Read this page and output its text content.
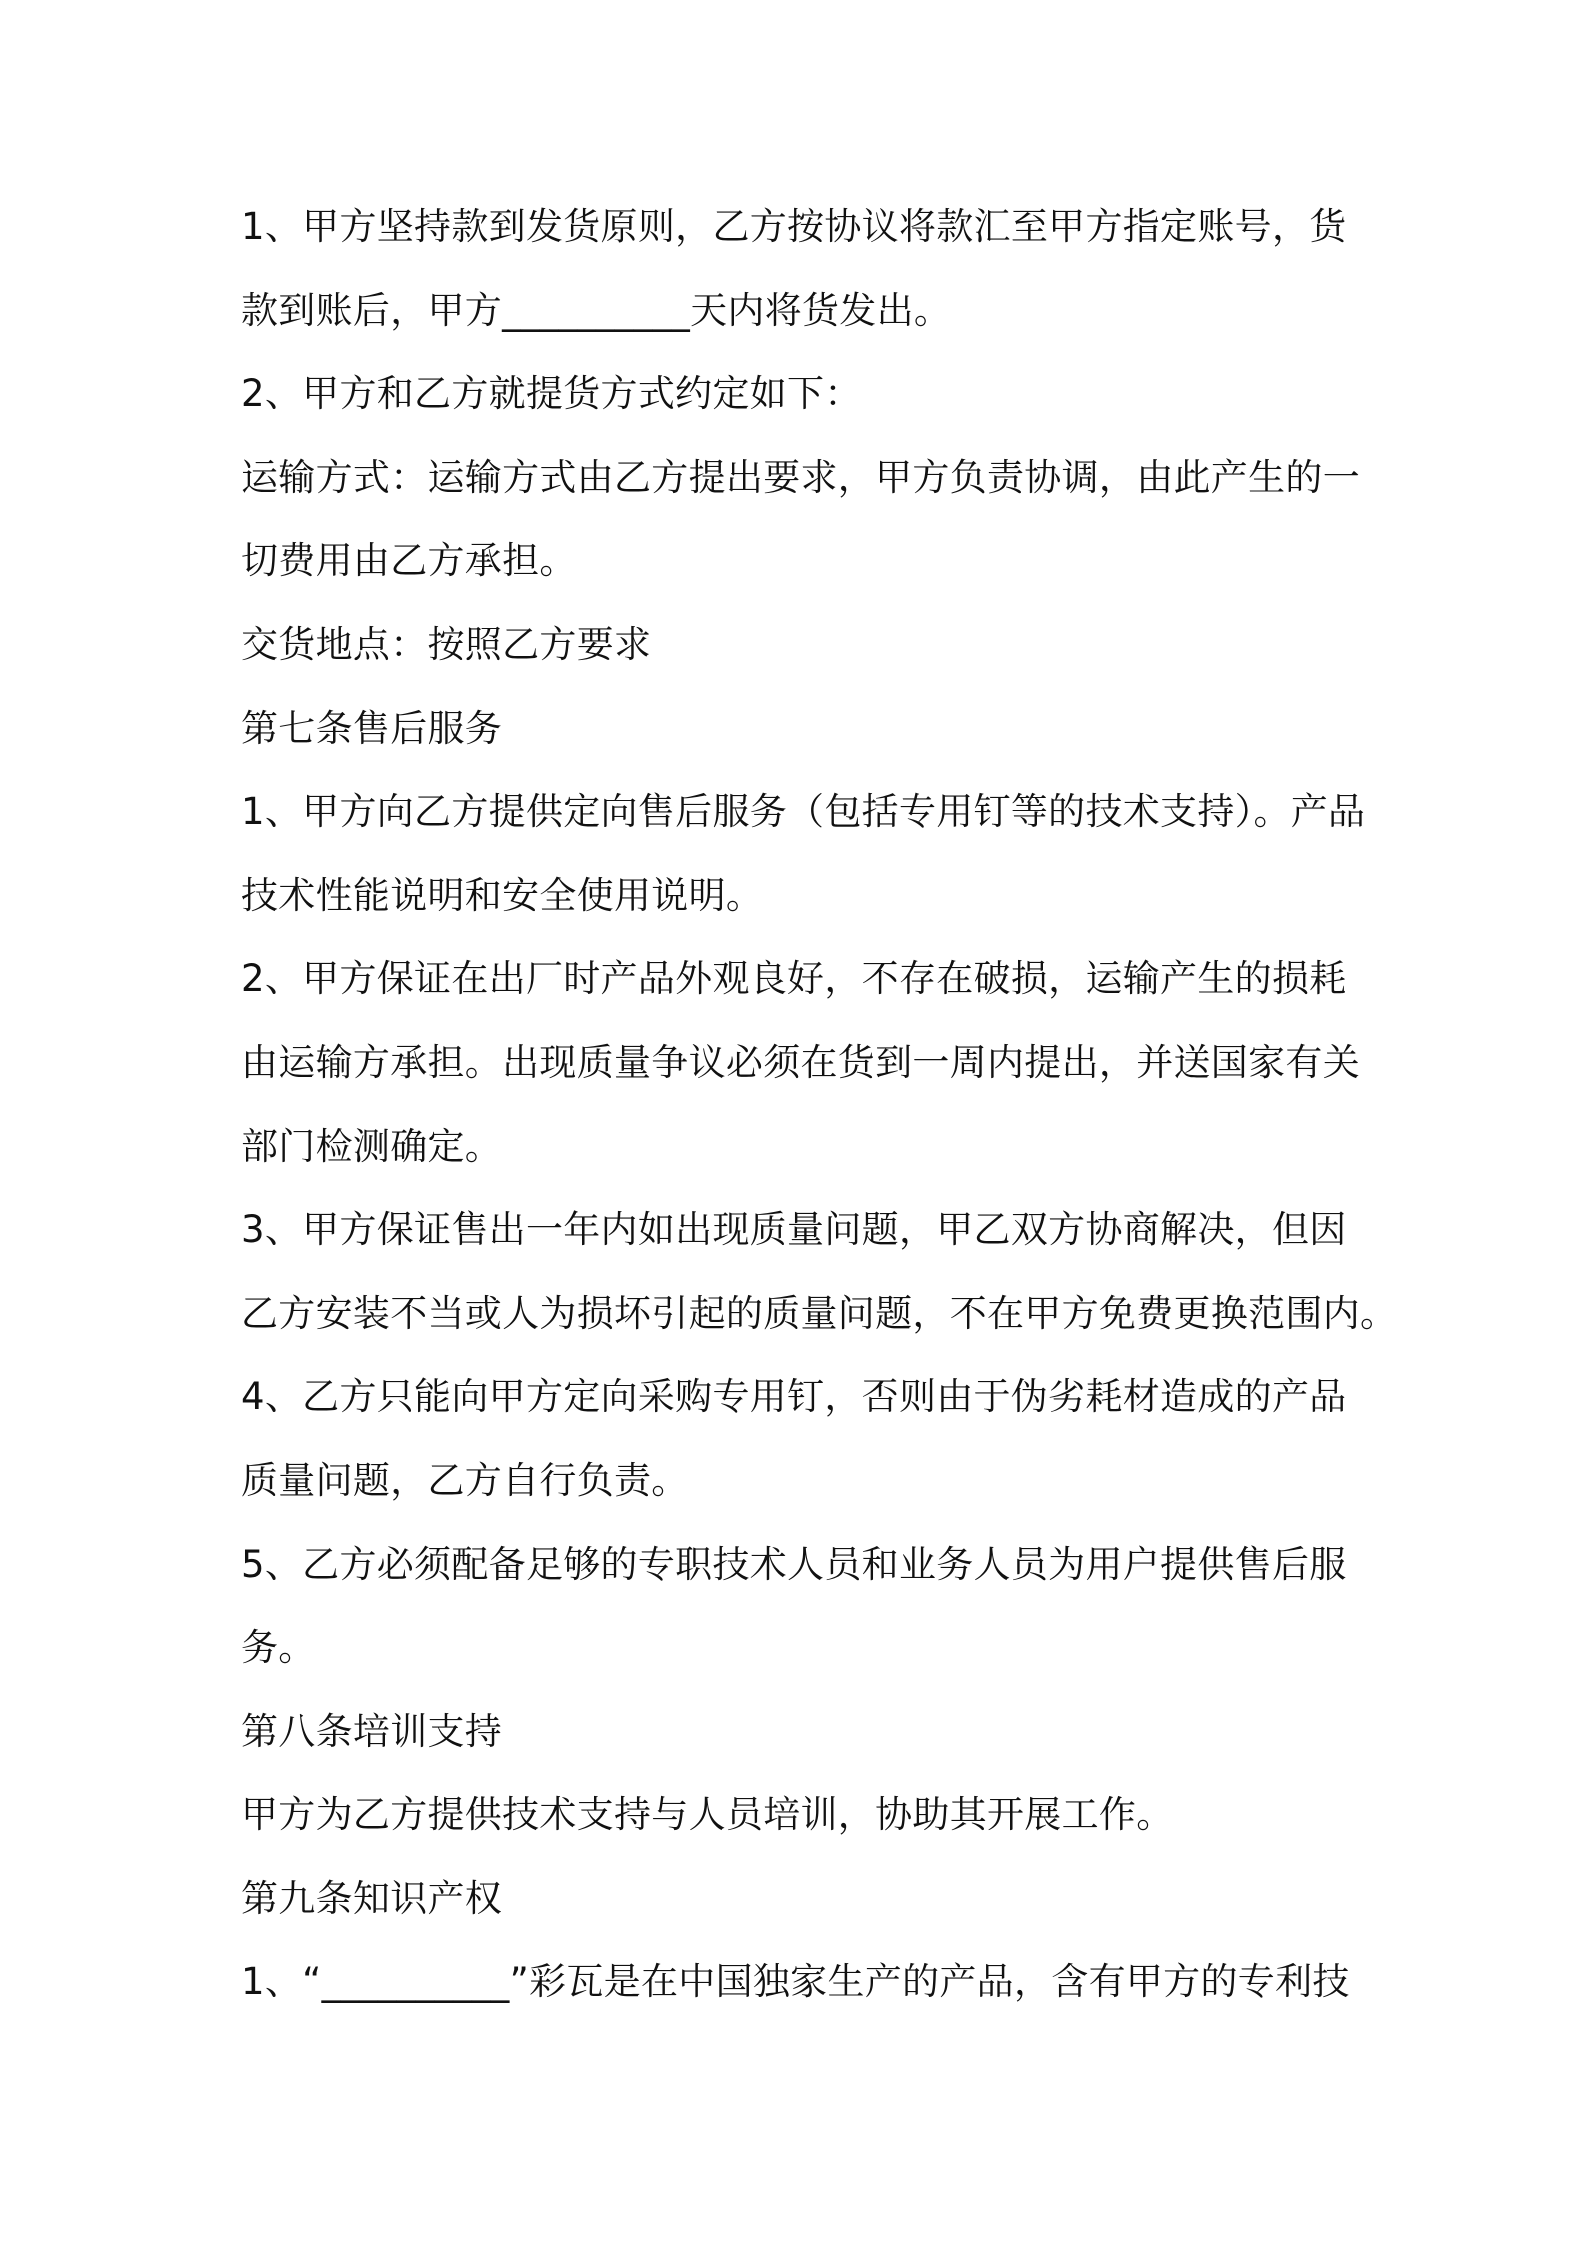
1、甲方坚持款到发货原则，乙方按协议将款汇至甲方指定账号，货
款到账后，甲方__________天内将货发出。
2、甲方和乙方就提货方式约定如下：
运输方式：运输方式由乙方提出要求，甲方负责协调，由此产生的一
切费用由乙方承担。
交货地点：按照乙方要求
第七条售后服务
1、甲方向乙方提供定向售后服务（包括专用钉等的技术支持）。产品
技术性能说明和安全使用说明。
2、甲方保证在出厂时产品外观良好，不存在破损，运输产生的损耗
由运输方承担。出现质量争议必须在货到一周内提出，并送国家有关
部门检测确定。
3、甲方保证售出一年内如出现质量问题，甲乙双方协商解决，但因
乙方安装不当或人为损坏引起的质量问题，不在甲方免费更换范围内。
4、乙方只能向甲方定向采购专用钉，否则由于伪劣耗材造成的产品
质量问题，乙方自行负责。
5、乙方必须配备足够的专职技术人员和业务人员为用户提供售后服
务。
第八条培训支持
甲方为乙方提供技术支持与人员培训，协助其开展工作。
第九条知识产权
1、“__________”彩瓦是在中国独家生产的产品，含有甲方的专利技
